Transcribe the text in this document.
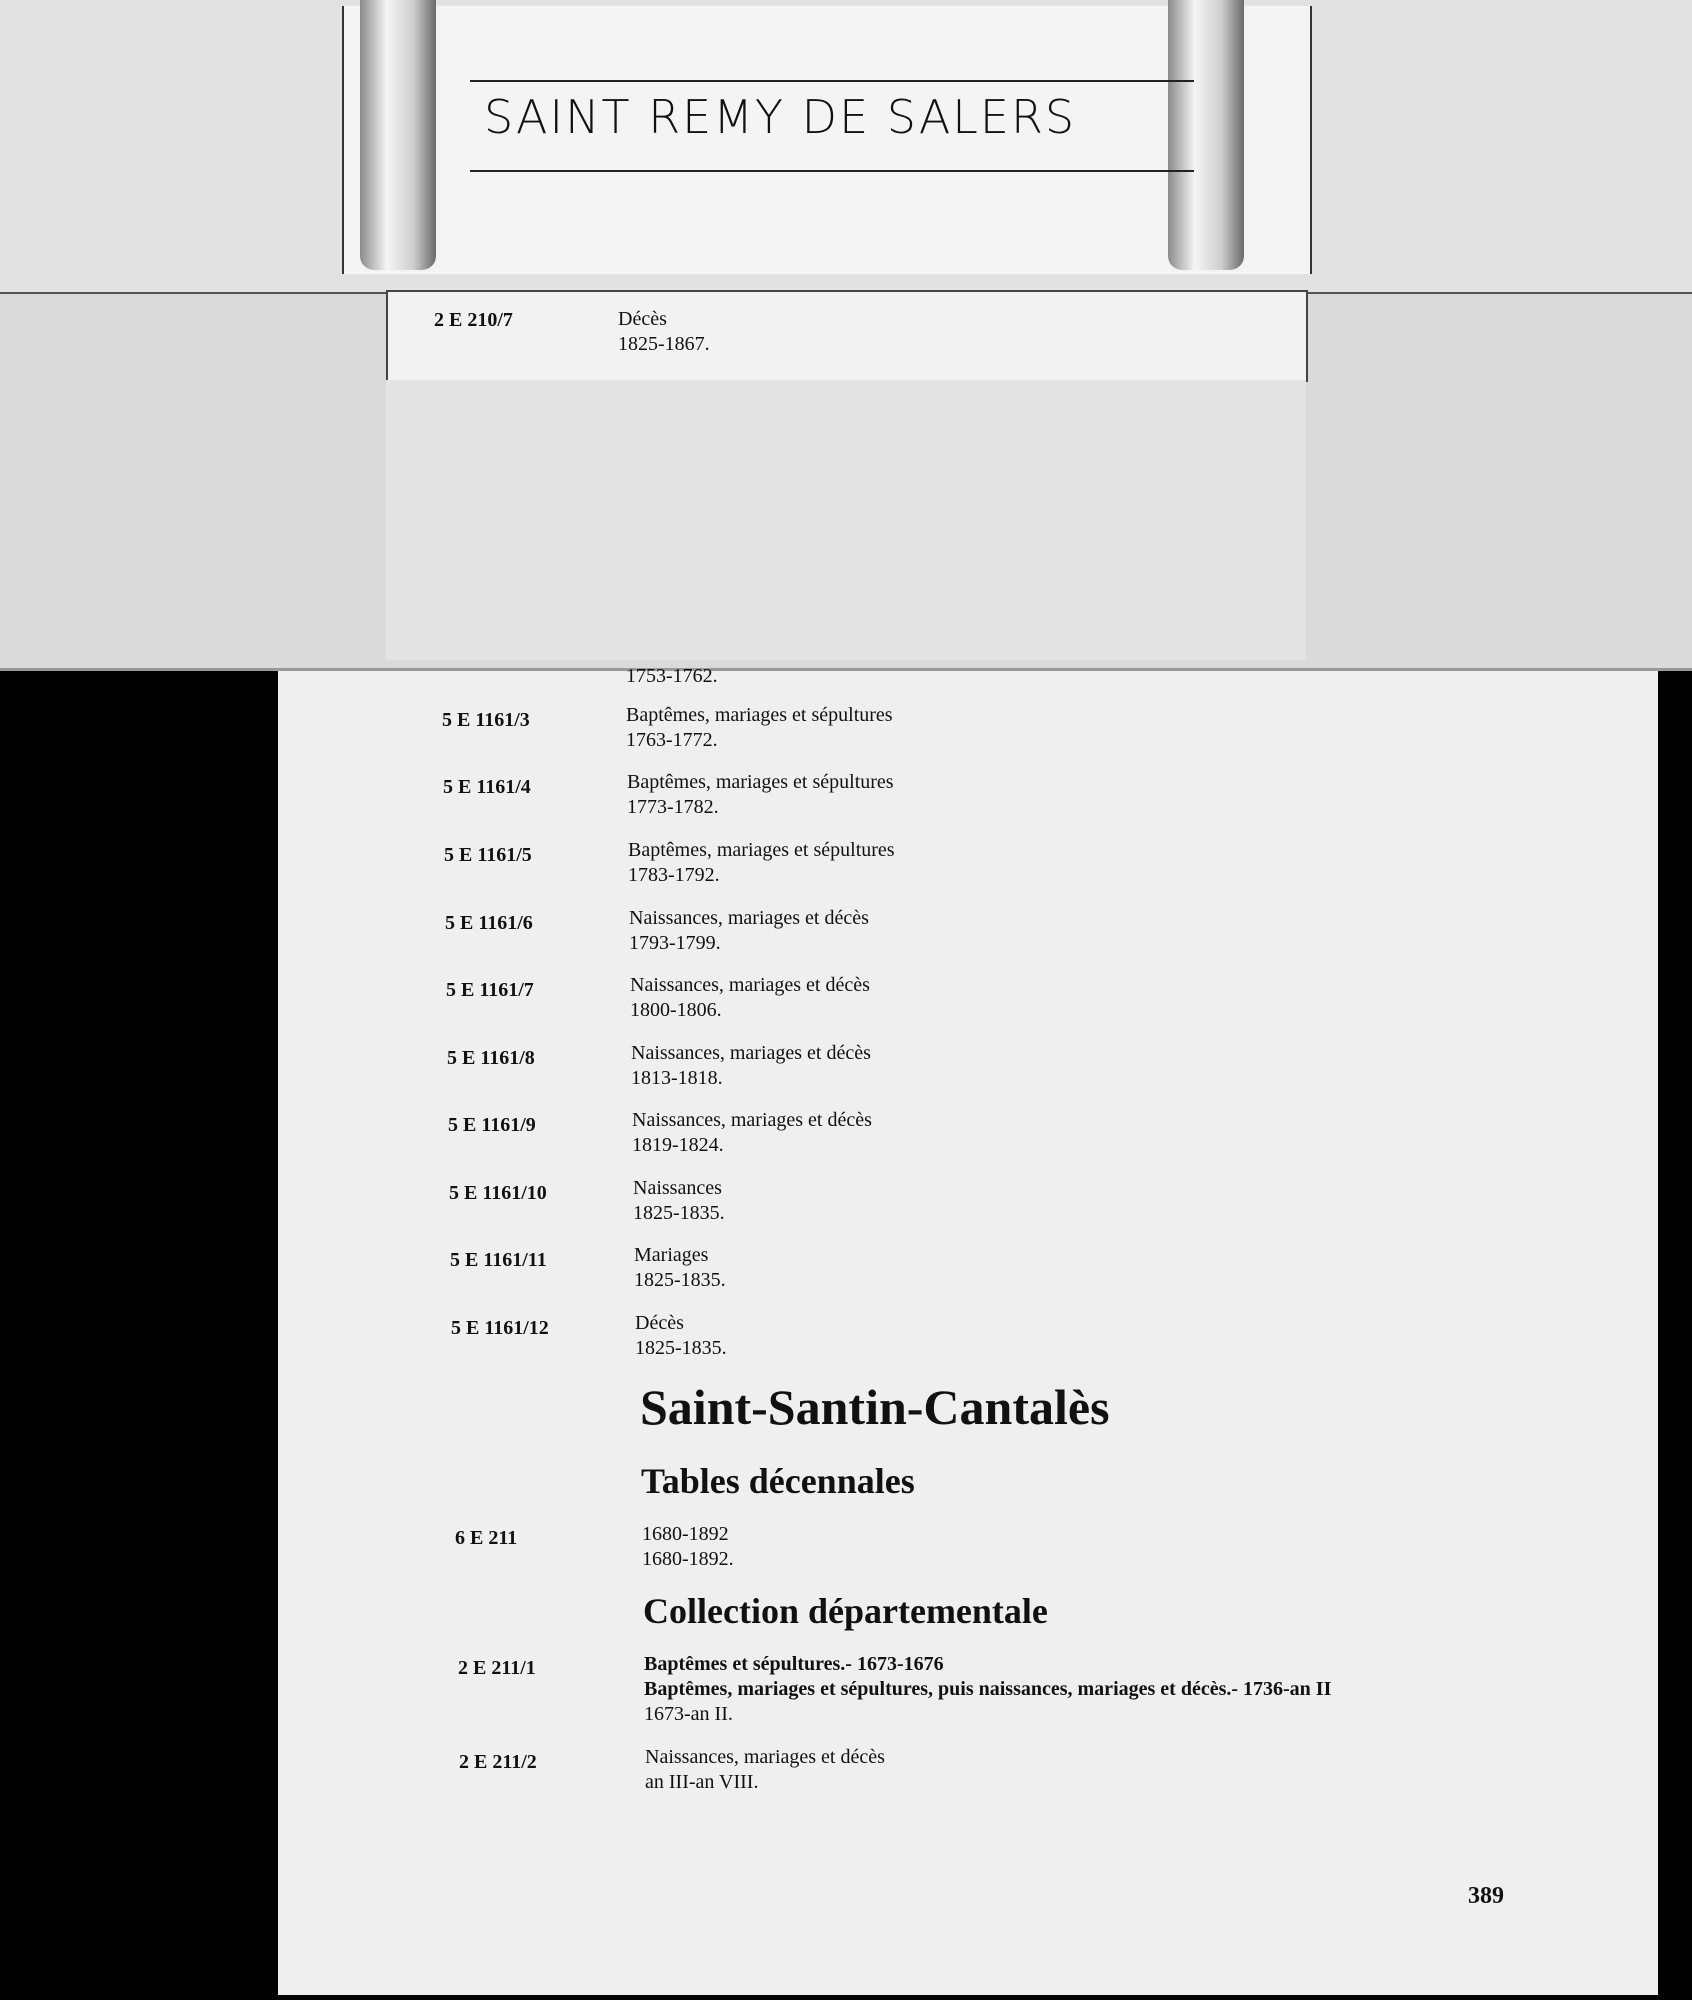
SAINT REMY DE SALERS
2 E 210/7	Décès
1825-1867.
1753-1762.
5 E 1161/3	Baptêmes, mariages et sépultures
1763-1772.
5 E 1161/4	Baptêmes, mariages et sépultures
1773-1782.
5 E 1161/5	Baptêmes, mariages et sépultures
1783-1792.
5 E 1161/6	Naissances, mariages et décès
1793-1799.
5 E 1161/7	Naissances, mariages et décès
1800-1806.
5 E 1161/8	Naissances, mariages et décès
1813-1818.
5 E 1161/9	Naissances, mariages et décès
1819-1824.
5 E 1161/10	Naissances
1825-1835.
5 E 1161/11	Mariages
1825-1835.
5 E 1161/12	Décès
1825-1835.
Saint-Santin-Cantalès
Tables décennales
6 E 211	1680-1892
1680-1892.
Collection départementale
2 E 211/1	Baptêmes et sépultures.- 1673-1676
Baptêmes, mariages et sépultures, puis naissances, mariages et décès.- 1736-an II
1673-an II.
2 E 211/2	Naissances, mariages et décès
an III-an VIII.
389
